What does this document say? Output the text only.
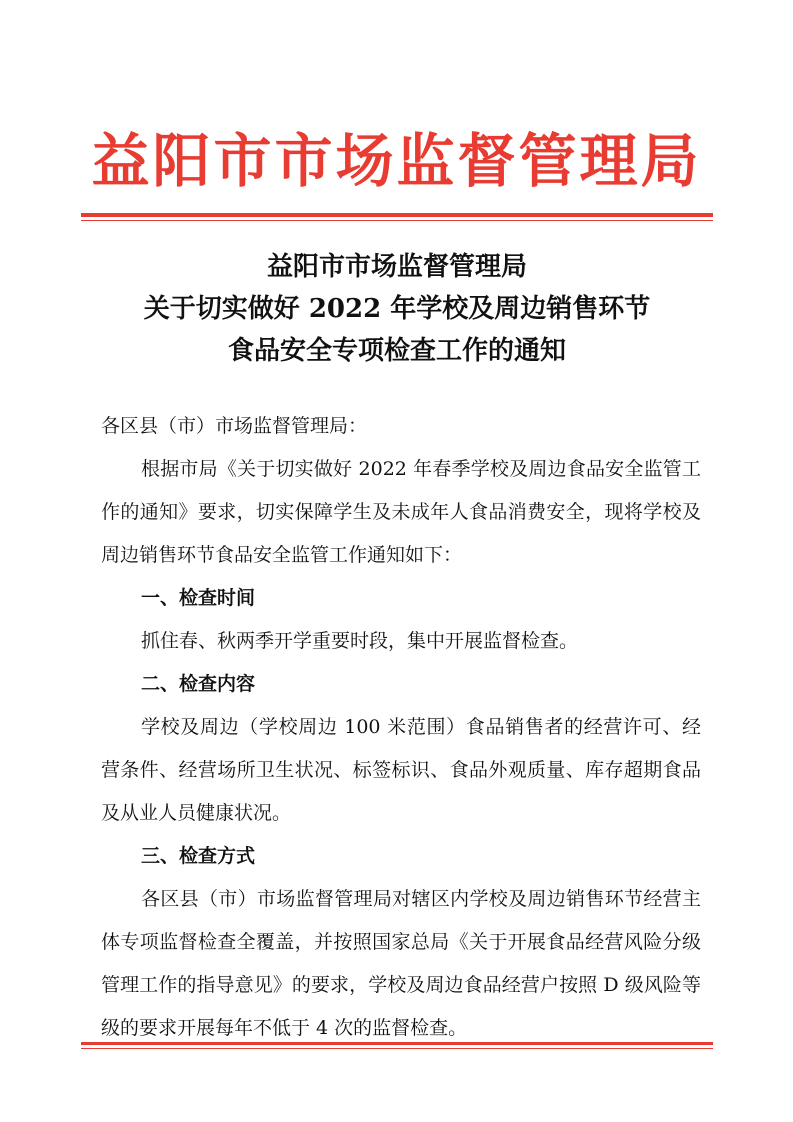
益阳市市场监督管理局
益阳市市场监督管理局
关于切实做好 2022 年学校及周边销售环节
食品安全专项检查工作的通知

各区县（市）市场监督管理局：

根据市局《关于切实做好 2022 年春季学校及周边食品安全监管工作的通知》要求，切实保障学生及未成年人食品消费安全，现将学校及周边销售环节食品安全监管工作通知如下：

一、检查时间

抓住春、秋两季开学重要时段，集中开展监督检查。

二、检查内容

学校及周边（学校周边 100 米范围）食品销售者的经营许可、经营条件、经营场所卫生状况、标签标识、食品外观质量、库存超期食品及从业人员健康状况。

三、检查方式

各区县（市）市场监督管理局对辖区内学校及周边销售环节经营主体专项监督检查全覆盖，并按照国家总局《关于开展食品经营风险分级管理工作的指导意见》的要求，学校及周边食品经营户按照 D 级风险等级的要求开展每年不低于 4 次的监督检查。
